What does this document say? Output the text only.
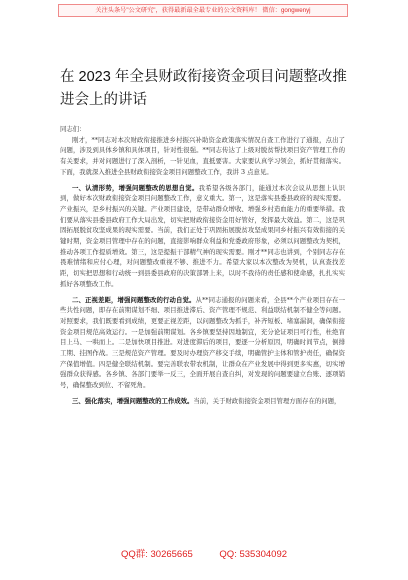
关注头条号"公文研究"，获得最新最全最专业的公文资料库！ 微信：gongwenyj
在 2023 年全县财政衔接资金项目问题整改推进会上的讲话

同志们：

刚才，**同志对本次财政衔接推进乡村振兴补助资金政策落实情况自查工作进行了通报，点出了问题，涉及到具体乡镇和具体项目，针对性很强。**同志传达了上级对脱贫帮扶项目资产管理工作的有关要求，并对问题进行了深入剖析，一针见血，直抵要害。大家要认真学习领会，抓好贯彻落实。下面，我就深入推进全县财政衔接资金项目问题整改工作，我讲 3 点意见。

一、认清形势，增强问题整改的思想自觉。我希望各级各部门，能通过本次会议从思想上认识到，做好本次财政衔接资金项目问题整改工作，意义重大。第一，这是落实县委县政府的现实需要。产业振兴，是乡村振兴的关键。产业项目建设，是带动群众增收、增强乡村造血能力的重要举措。我们要从落实县委县政府工作大局出发，切实把财政衔接资金用好管好，发挥最大效益。第二，这是巩固拓展脱贫攻坚成果的现实需要。当前，我们正处于巩固拓展脱贫攻坚成果同乡村振兴有效衔接的关键时期，资金项目管理中存在的问题，直接影响群众利益和党委政府形象，必须以问题整改为契机，推动各项工作提质增效。第三，这是提振干部精气神的现实需要。刚才**同志也讲到，个别同志存在畏难情绪和应付心理，对问题整改重视不够、推进不力。希望大家以本次整改为契机，认真查找差距，切实把思想和行动统一到县委县政府的决策部署上来，以时不我待的责任感和使命感，扎扎实实抓好各项整改工作。

二、正视差距，增强问题整改的行动自觉。从**同志通报的问题来看，全县**个产业项目存在一些共性问题，即存在前期谋划不细、项目推进滞后、资产管理不规范、利益联结机制不健全等问题。对照要求，我们既要看到成绩，更要正视差距，以问题整改为抓手，补齐短板、堵塞漏洞，确保衔接资金项目规范高效运行。一是加强前期谋划。各乡镇要坚持因地制宜，充分论证项目可行性，杜绝盲目上马、一哄而上。二是加快项目推进。对进度滞后的项目，要逐一分析原因，明确时间节点，倒排工期、挂图作战。三是规范资产管理。要及时办理资产移交手续，明确管护主体和管护责任，确保资产保值增值。四是健全联结机制。要完善联农带农机制，让群众在产业发展中得到更多实惠，切实增强群众获得感。各乡镇、各部门要举一反三，全面开展自查自纠，对发现的问题要建立台账、逐项销号，确保整改到位、不留死角。

三、强化落实，增强问题整改的工作成效。当前，关于财政衔接资金项目管理方面存在的问题，

QQ群: 30265665	QQ: 535304092
